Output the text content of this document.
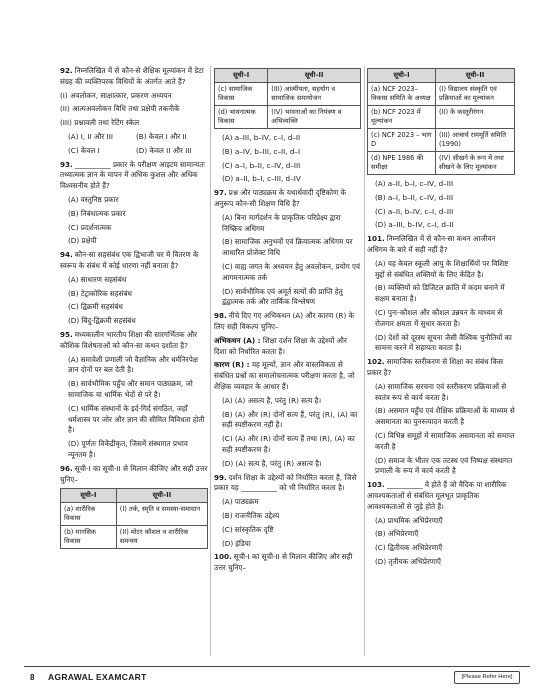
92. निम्नलिखित में से कौन-से शैक्षिक मूल्यांकन में डेटा संग्रह की व्यक्तिपरक विधियों के अंतर्गत आते हैं?
(I) अवलोकन, साक्षात्कार, प्रकरण अध्ययन
(II) आत्मअवलोकन विधि तथा प्रक्षेपी तकनीकें
(III) प्रश्नावली तथा रेटिंग स्केल
(A) I, II और III	(B) केवल I और II
(C) केवल I	(D) केवल II और III
93. __________ प्रकार के परीक्षण आइटम सामान्यतः तथ्यात्मक ज्ञान के मापन में अधिक कुशल और अधिक विश्वसनीय होते हैं?
(A) वस्तुनिष्ठ प्रकार
(B) निबंधात्मक प्रकार
(C) प्रदर्शनात्मक
(D) प्रक्षेपी
94. कौन-सा सहसंबंध एक द्विभाजी चर में वितरण के स्वरूप के संबंध में कोई धारणा नहीं बनाता है?
(A) साधारण सहसंबंध
(B) टेट्राकोरिक सहसंबंध
(C) द्विक्रमी सहसंबंध
(D) बिंदु-द्विक्रमी सहसंबंध
95. मध्यकालीन भारतीय शिक्षा की सारगर्भितक और कौशिक विशेषताओं को कौन-सा कथन दर्शाता है?
(A) समावेशी प्रणाली जो वैज्ञानिक और धर्मनिरपेक्ष ज्ञान दोनों पर बल देती है।
(B) सार्वभौमिक पहुँच और समान पाठ्यक्रम, जो सामाजिक या धार्मिक भेदों से परे है।
(C) धार्मिक संस्थानों के इर्द-गिर्द संगठित, जहाँ धर्मशास्त्र पर जोर और ज्ञान की सीमित विविधता होती है।
(D) पूर्णतः विकेंद्रीकृत, जिसमें संस्थागत प्रभाव न्यूनतम है।
96. सूची-I का सूची-II से मिलान कीजिए और सही उत्तर चुनिए–
सूची–I	सूची–II
(a) शारीरिक विकास	(I) तर्क, स्मृति व समस्या-समाधान
(b) मानसिक विकास	(II) मोटर कौशल व शारीरिक समन्वय
सूची–I	सूची–II
(c) सामाजिक विकास	(III) आत्मीयता, सहयोग व सामाजिक समायोजन
(d) भावनात्मक विकास	(IV) भावनाओं का नियंत्रण व अभिव्यक्ति
(A) a–III, b–IV, c–I, d–II
(B) a–IV, b–III, c–II, d–I
(C) a–I, b–II, c–IV, d–III
(D) a–II, b–I, c–III, d–IV
97. प्रश्न और पाठ्यक्रम के यथार्थवादी दृष्टिकोण के अनुरूप कौन-सी शिक्षण विधि है?
(A) बिना मार्गदर्शन के प्राकृतिक परिप्रेक्ष्य द्वारा निष्क्रिय अधिगम
(B) सामाजिक अनुभवों एवं क्रियात्मक अधिगम पर आधारित प्रोजेक्ट विधि
(C) वाह्य जगत के अध्ययन हेतु अवलोकन, प्रयोग एवं आगमनात्मक तर्क
(D) सार्वभौमिक एवं अमूर्त सत्यों की प्राप्ति हेतु द्वंद्वात्मक तर्क और तार्किक विश्लेषण
98. नीचे दिए गए अभिकथन (A) और कारण (R) के लिए सही विकल्प चुनिए–
अभिकथन (A) : शिक्षा दर्शन शिक्षा के उद्देश्यों और दिशा को निर्धारित करता है।
कारण (R) : यह मूल्यों, ज्ञान और वास्तविकता से संबंधित प्रश्नों का समालोचनात्मक परीक्षण करता है, जो शैक्षिक व्यवहार के आधार हैं।
(A) (A) असत्य है, परंतु (R) सत्य है।
(B) (A) और (R) दोनों सत्य हैं, परंतु (R), (A) का सही स्पष्टीकरण नहीं है।
(C) (A) और (R) दोनों सत्य हैं तथा (R), (A) का सही स्पष्टीकरण है।
(D) (A) सत्य है, परंतु (R) असत्य है।
99. दर्शन शिक्षा के उद्देश्यों को निर्धारित करता है, जिसे प्रकार यह __________ को भी निर्धारित करता है।
(A) पाठ्यक्रम
(B) राजनीतिक उद्देश्य
(C) सांस्कृतिक दृष्टि
(D) इंडिया
100. सूची-I का सूची-II से मिलान कीजिए और सही उत्तर चुनिए–
सूची–I	सूची–II
(a) NCF 2023–विकास समिति के अध्यक्ष	(I) विद्यालय संस्कृति एवं प्रक्रियाओं का मूल्यांकन
(b) NCF 2023 में मूल्यांकन	(II) के कस्तूरीरंगन
(c) NCF 2023 – भाग D	(III) आचार्य राममूर्ति समिति (1990)
(d) NPE 1986 की समीक्षा	(IV) सीखने के रूप में तथा सीखने के लिए मूल्यांकन
(A) a–II, b–I, c–IV, d–III
(B) a–I, b–II, c–IV, d–III
(C) a–II, b–IV, c–I, d–III
(D) a–III, b–IV, c–I, d–II
101. निम्नलिखित में से कौन-सा कथन आजीवन अधिगम के बारे में सही नहीं है?
(A) यह केवल स्कूली आयु के शिक्षार्थियों पर विशिष्ट मुद्दों से संबंधित शक्तियों के लिए केंद्रित है।
(B) व्यक्तियों को डिजिटल क्रांति में कदम बनाने में सक्षम बनाता है।
(C) पुनः-कौशल और कौशल उन्नयन के माध्यम से रोजगार क्षमता में सुधार करता है।
(D) देशों को दूरस्थ सूचना जैसी वैश्विक चुनौतियों का सामना करने में सहायता करता है।
102. सामाजिक स्तरीकरण से शिक्षा का संबंध किस प्रकार है?
(A) सामाजिक सरचना एवं स्तरीकरण प्रक्रियाओं से स्वतंत्र रूप से कार्य करता है।
(B) असमान पहुँच एवं शैक्षिक प्रक्रियाओं के माध्यम से असमानता का पुनरुत्पादन करती है
(C) विभिन्न समूहों में सामाजिक असमानता को समाप्त करती है
(D) समाज के भीतर एक तटस्थ एवं निष्पक्ष संस्थागत प्रणाली के रूप में कार्य करती है
103. __________ वे होते हैं जो वैदिक या शारीरिक आवश्यकताओं से संबंधित मूलभूत प्राकृतिक आवश्यकताओं से जुड़े होते हैं।
(A) प्राथमिक अभिप्रेरणाएँ
(B) अभिप्रेरणाएँ
(C) द्वितीयक अभिप्रेरणाएँ
(D) तृतीयक अभिप्रेरणाएँ
8 AGRAWAL EXAMCART	[Please Refer Here]
